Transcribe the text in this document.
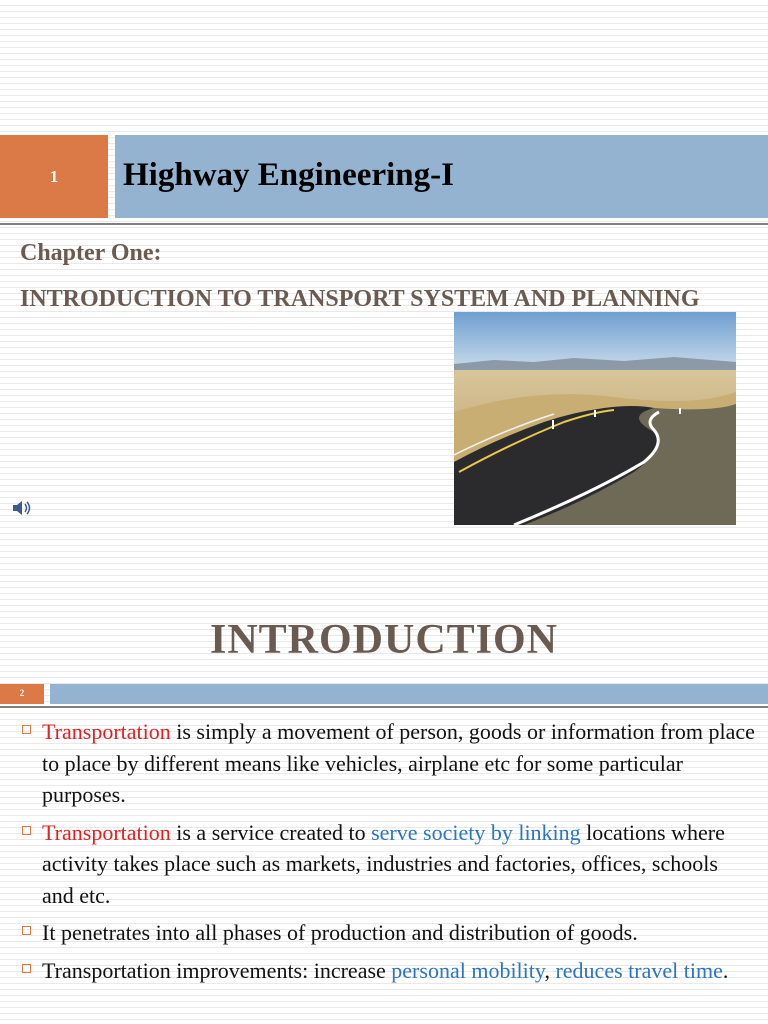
1	Highway Engineering-I
Chapter One:
INTRODUCTION TO TRANSPORT SYSTEM AND PLANNING
INTRODUCTION
2
Transportation is simply a movement of person, goods or information from place to place by different means like vehicles, airplane etc for some particular purposes.
Transportation is a service created to serve society by linking locations where activity takes place such as markets, industries and factories, offices, schools and etc.
It penetrates into all phases of production and distribution of goods.
Transportation improvements: increase personal mobility, reduces travel time.
